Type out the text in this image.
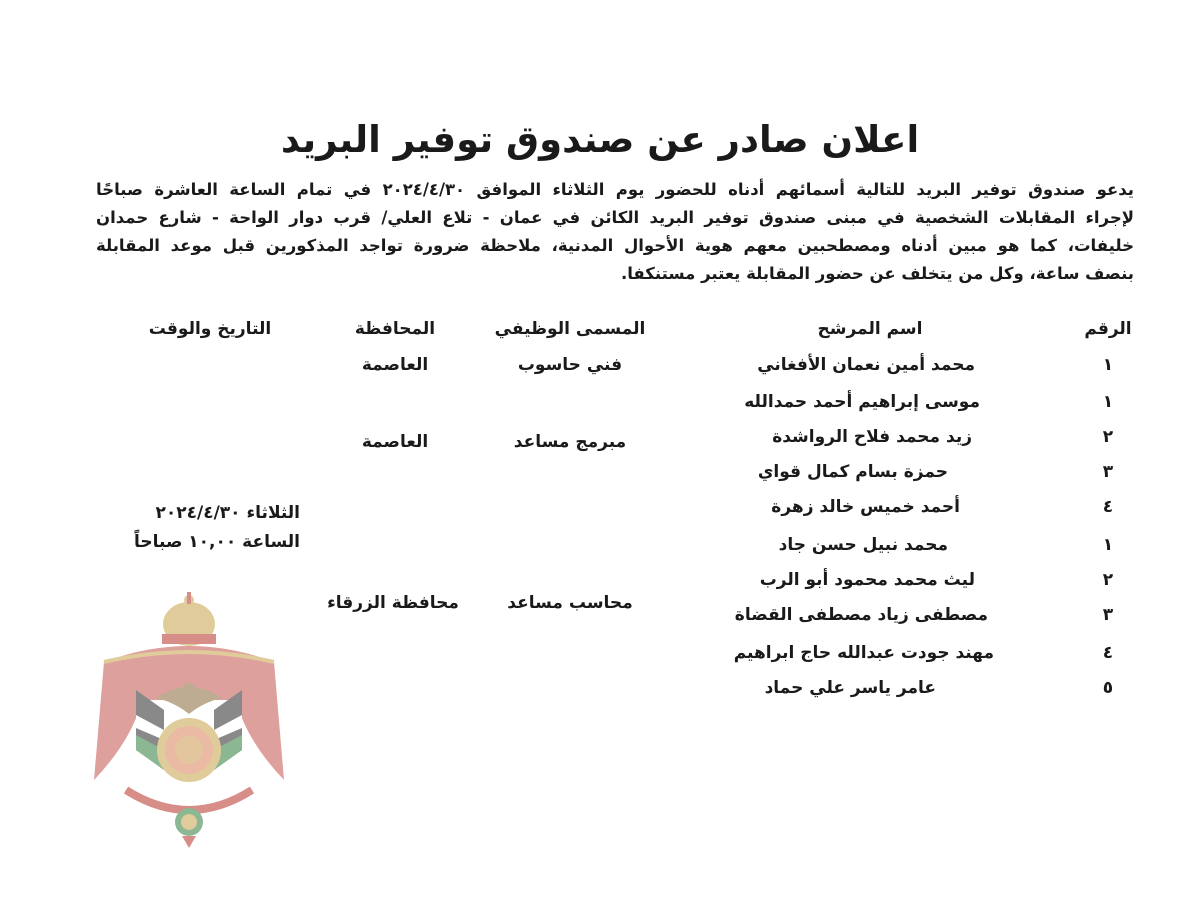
اعلان صادر عن صندوق توفير البريد
يدعو صندوق توفير البريد للتالية أسمائهم أدناه للحضور يوم الثلاثاء الموافق ٢٠٢٤/٤/٣٠ في تمام الساعة العاشرة صباحًا
لإجراء المقابلات الشخصية في مبنى صندوق توفير البريد الكائن في عمان - تلاع العلي/ قرب دوار الواحة - شارع حمدان
خليفات، كما هو مبين أدناه ومصطحبين معهم هوية الأحوال المدنية، ملاحظة ضرورة تواجد المذكورين قبل موعد المقابلة
بنصف ساعة، وكل من يتخلف عن حضور المقابلة يعتبر مستنكفا.
الرقم
اسم المرشح
المسمى الوظيفي
المحافظة
التاريخ والوقت
١
١
٢
٣
٤
١
٢
٣
٤
٥
محمد أمين نعمان الأفغاني
موسى إبراهيم أحمد حمدالله
زيد محمد فلاح الرواشدة
حمزة بسام كمال قواي
أحمد خميس خالد زهرة
محمد نبيل حسن جاد
ليث محمد محمود أبو الرب
مصطفى زياد مصطفى القضاة
مهند جودت عبدالله حاج ابراهيم
عامر ياسر علي حماد
فني حاسوب
العاصمة
مبرمج مساعد
العاصمة
محاسب مساعد
محافظة الزرقاء
الثلاثاء ٢٠٢٤/٤/٣٠
الساعة ١٠,٠٠ صباحاً
